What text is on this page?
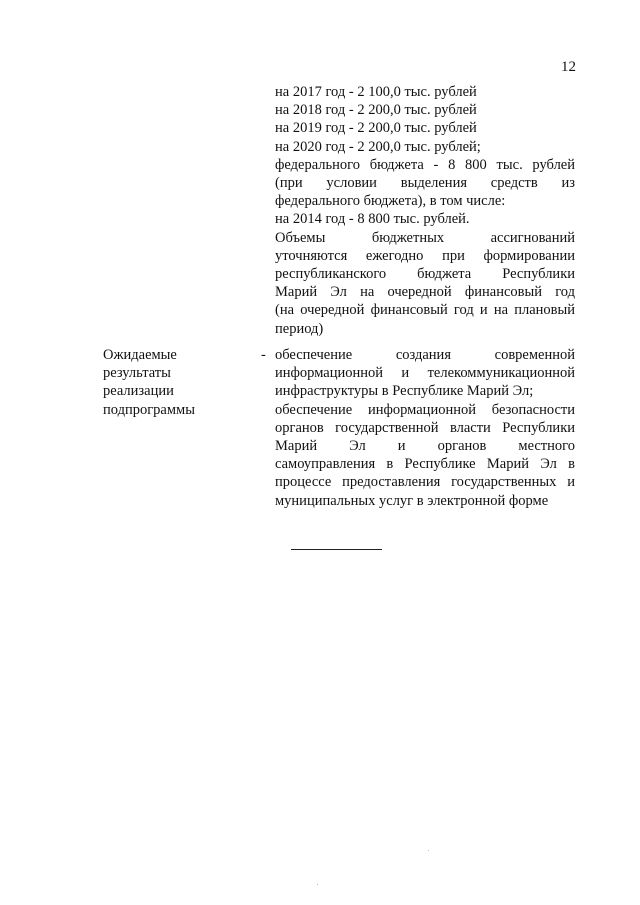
12
на 2017 год - 2 100,0 тыс. рублей
на 2018 год - 2 200,0 тыс. рублей
на 2019 год - 2 200,0 тыс. рублей
на 2020 год - 2 200,0 тыс. рублей;
федерального бюджета - 8 800 тыс. рублей
(при условии выделения средств из
федерального бюджета), в том числе:
на 2014 год - 8 800 тыс. рублей.
Объемы бюджетных ассигнований
уточняются ежегодно при формировании
республиканского бюджета Республики
Марий Эл на очередной финансовый год
(на очередной финансовый год и на плановый
период)
Ожидаемые
результаты
реализации
подпрограммы
- обеспечение создания современной
информационной и телекоммуникационной
инфраструктуры в Республике Марий Эл;
обеспечение информационной безопасности
органов государственной власти Республики
Марий Эл и органов местного
самоуправления в Республике Марий Эл в
процессе предоставления государственных и
муниципальных услуг в электронной форме
